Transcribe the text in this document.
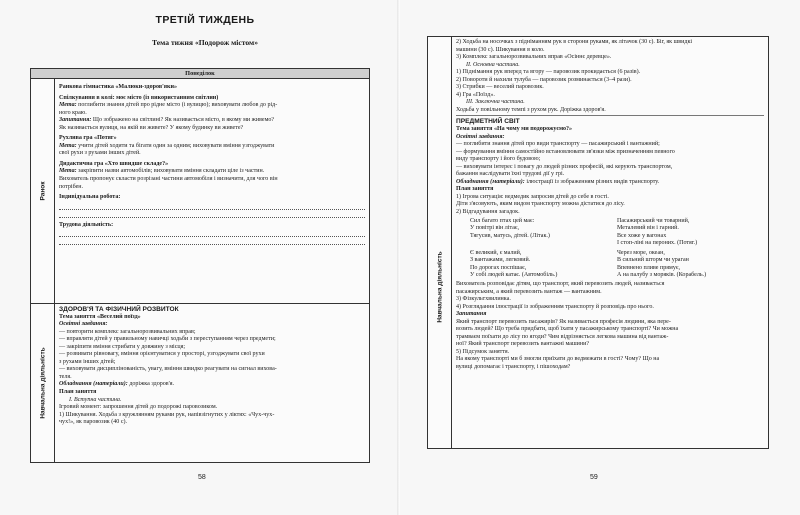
ТРЕТІЙ ТИЖДЕНЬ
Тема тижня «Подорож містом»
Понеділок
Ранок
Навчальна діяльність
Ранкова гімнастика «Малюки-здоров'яки»
Спілкування в колі: моє місто (із використанням світлин)
Мета: поглибити знання дітей про рідне місто (і вулицю); виховувати любов до рід-
ного краю.
Запитання: Що зображено на світлині? Як називається місто, в якому ми живемо?
Як називається вулиця, на якій ви живете? У якому будинку ви живете?
Рухлива гра «Потяг»
Мета: учити дітей ходити та бігати один за одним; виховувати вміння узгоджувати
свої рухи з рухами інших дітей.
Дидактична гра «Хто швидше складе?»
Мета: закріпити назви автомобілів; виховувати вміння складати ціле із частин.
Вихователь пропонує скласти розрізані частини автомобіля і визначити, для чого він
потрібен.
Індивідуальна робота:
Трудова діяльність:
ЗДОРОВ'Я ТА ФІЗИЧНИЙ РОЗВИТОК
Тема заняття «Веселий поїзд»
Освітні завдання:
— повторити комплекс загальнорозвивальних вправ;
— вправляти дітей у правильному навичці ходьби з переступанням через предмети;
— закріпити вміння стрибати у довжину з місця;
— розвивати рівновагу, вміння орієнтуватися у просторі, узгоджувати свої рухи
з рухами інших дітей;
— виховувати дисциплінованість, увагу, вміння швидко реагувати на сигнал вихова-
теля.
Обладнання (матеріали): доріжка здоров'я.
План заняття
І. Вступна частина.
Ігровий момент: запрошення дітей до подорожі паровозиком.
1) Шикування. Ходьба з кружлянням руками рук, напівзігнутих у ліктях: «Чух-чух-
чух!», як паровозик (40 с).
58
Навчальна діяльність
2) Ходьба на носочках з підніманням рук в сторони руками, як літачок (30 с). Біг, як швидкі
машини (30 с). Шикування в коло.
3) Комплекс загальнорозвивальних вправ «Осіннє деревце».
ІІ. Основна частина.
1) Піднімання рук вперед та вгору — паровозик прокидається (6 разів).
2) Повороти й нахили тулуба — паровозик розминається (3–4 рази).
3) Стрибки — веселий паровозик.
4) Гра «Поїзд».
ІІІ. Заключна частина.
Ходьба у повільному темпі з рухом рук. Доріжка здоров'я.
ПРЕДМЕТНИЙ СВІТ
Тема заняття «На чому ми подорожуємо?»
Освітні завдання:
— поглибити знання дітей про види транспорту — пасажирський і вантажний;
— формування вміння самостійно встановлювати зв'язки між призначенням певного
виду транспорту і його будовою;
— виховувати інтерес і повагу до людей різних професій, які керують транспортом,
бажання наслідувати їхні трудові дії у грі.
Обладнання (матеріали): ілюстрації із зображенням різних видів транспорту.
План заняття
1) Ігрова ситуація: ведмедик запросив дітей до себе в гості.
Діти з'ясовують, яким видом транспорту можна дістатися до лісу.
2) Відгадування загадок.
Сил багато птах цей має:
У повітрі він літає,
Тягусив, матусь, дітей. (Літак.)
Пасажирський чи товарний,
Металевий він і гарний.
Все хоже у вагонах
І стоп-ліні на пероних. (Потяг.)
Є великий, є малий,
З вантажами, легковий.
По дорогах поспішає,
У собі людей катає. (Автомобіль.)
Через море, океан,
В сильний шторм чи ураган
Впевнено пливе прямує,
А на палубу з моряків. (Корабель.)
Вихователь розповідає дітям, що транспорт, який перевозить людей, називається
пасажирським, а який перевозить вантаж — вантажним.
3) Фізкультхвилинка.
4) Розглядання ілюстрації із зображенням транспорту й розповідь про нього.
Запитання
Який транспорт перевозить пасажирів? Як називається професія людини, яка пере-
возить людей? Що треба придбати, щоб їхати у пасажирському транспорті? Чи можна
трамваєм поїхати до лісу по ягоди? Чим відрізняється легкова машина від вантаж-
ної? Який транспорт перевозить вантажні машини?
5) Підсумок заняття.
На якому транспорті ми б змогли приїхати до ведмежати в гості? Чому? Що на
вулиці допомагає і транспорту, і пішоходам?
59
